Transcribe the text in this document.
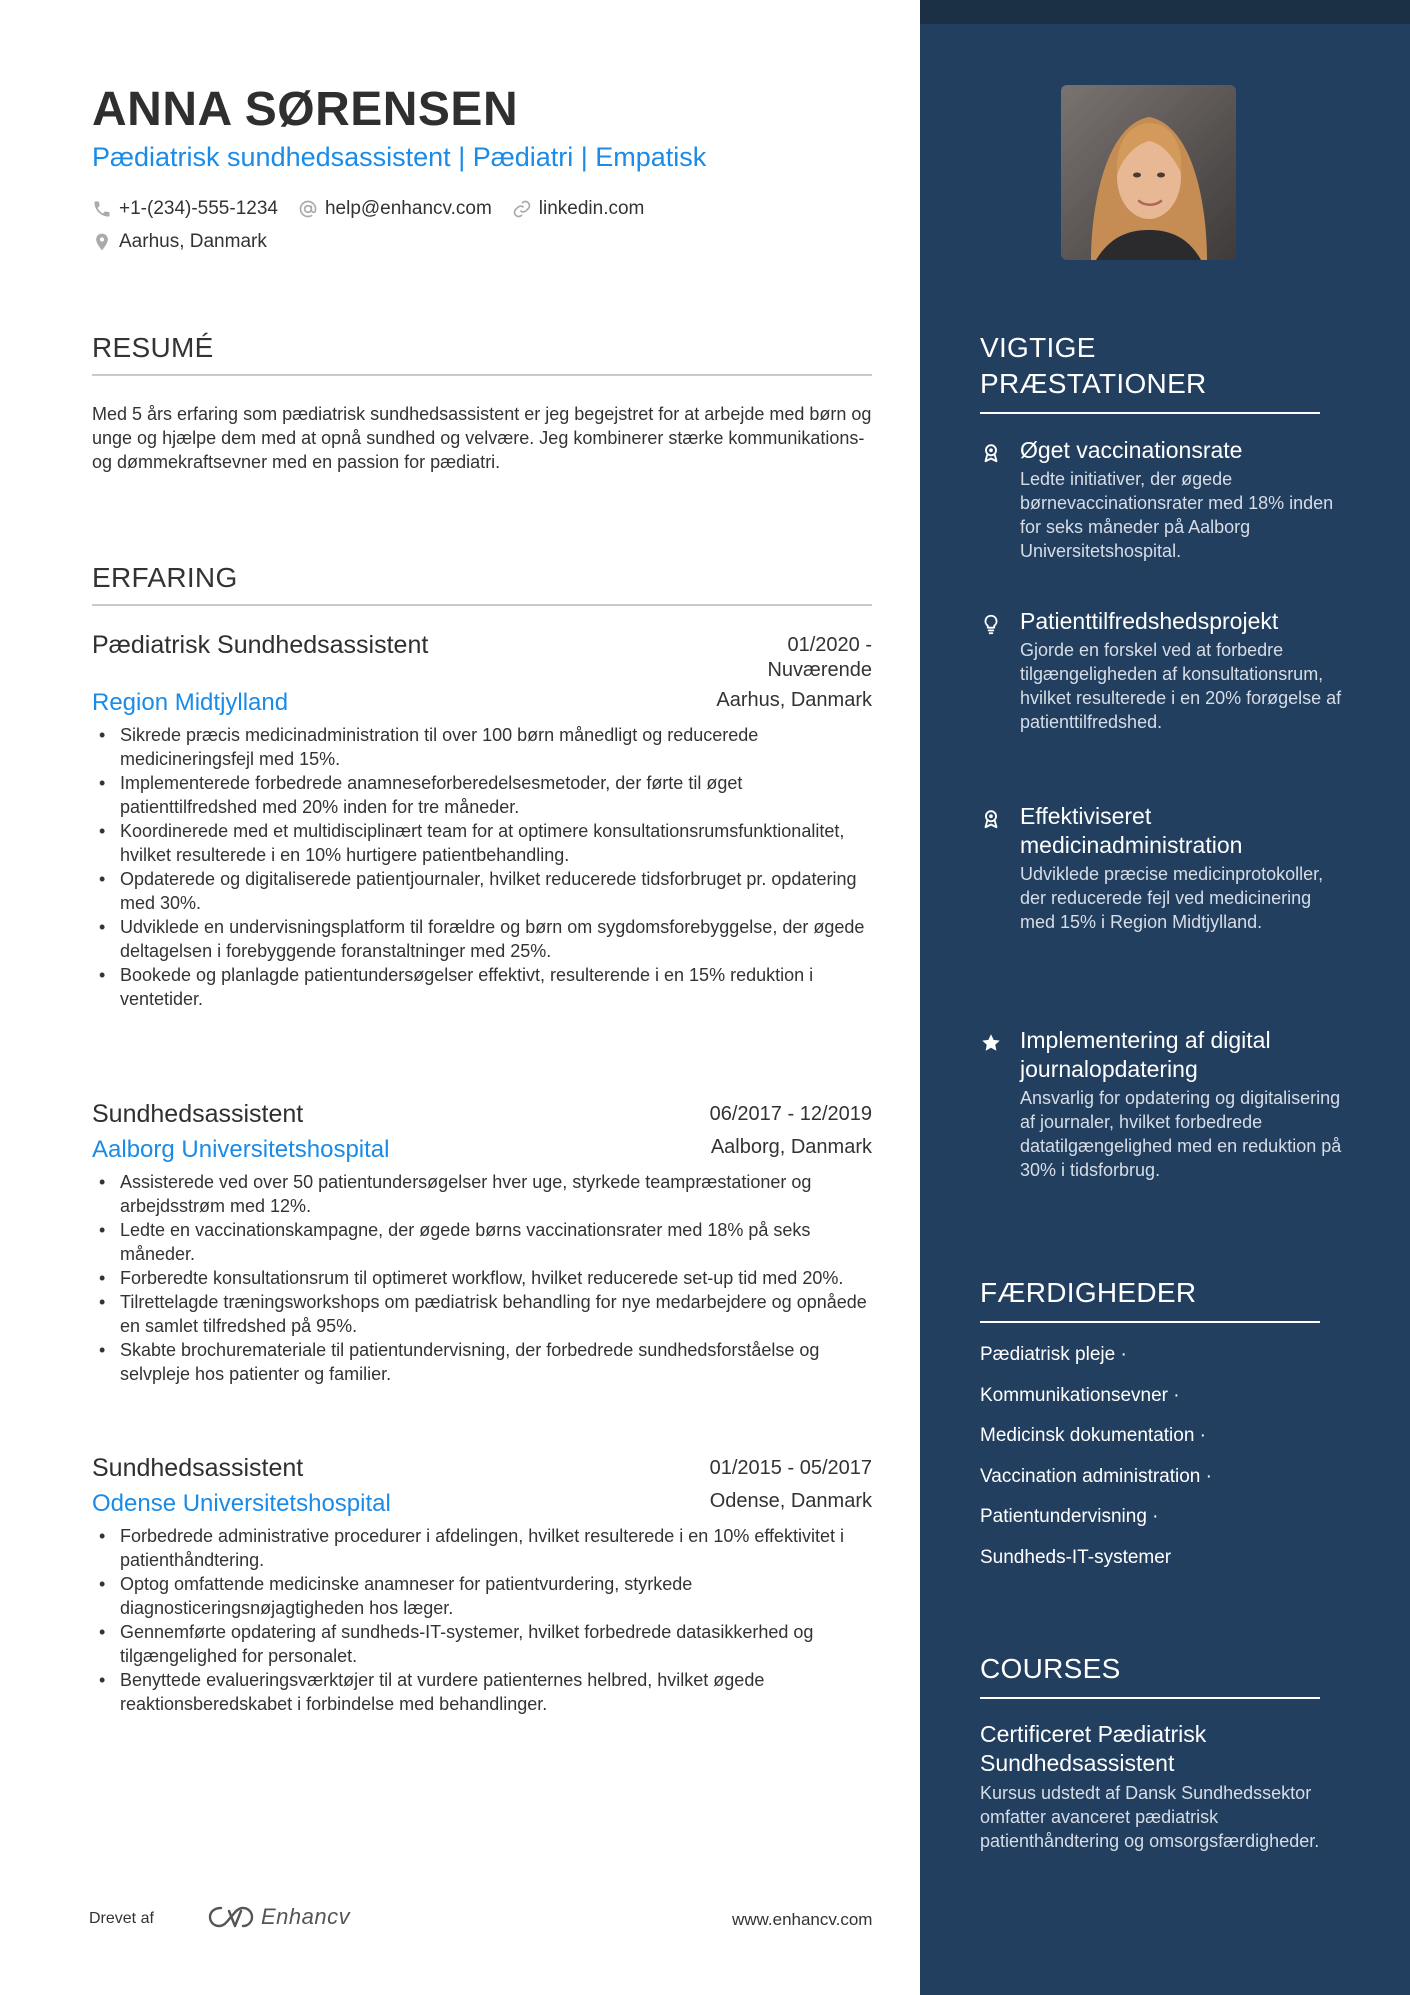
ANNA SØRENSEN
Pædiatrisk sundhedsassistent | Pædiatri | Empatisk
+1-(234)-555-1234 help@enhancv.com linkedin.com
Aarhus, Danmark
RESUMÉ
Med 5 års erfaring som pædiatrisk sundhedsassistent er jeg begejstret for at arbejde med børn og unge og hjælpe dem med at opnå sundhed og velvære. Jeg kombinerer stærke kommunikations- og dømmekraftsevner med en passion for pædiatri.
ERFARING
Pædiatrisk Sundhedsassistent	01/2020 -
Nuværende
Region Midtjylland	Aarhus, Danmark
• Sikrede præcis medicinadministration til over 100 børn månedligt og reducerede medicineringsfejl med 15%.
• Implementerede forbedrede anamneseforberedelsesmetoder, der førte til øget patienttilfredshed med 20% inden for tre måneder.
• Koordinerede med et multidisciplinært team for at optimere konsultationsrumsfunktionalitet, hvilket resulterede i en 10% hurtigere patientbehandling.
• Opdaterede og digitaliserede patientjournaler, hvilket reducerede tidsforbruget pr. opdatering med 30%.
• Udviklede en undervisningsplatform til forældre og børn om sygdomsforebyggelse, der øgede deltagelsen i forebyggende foranstaltninger med 25%.
• Bookede og planlagde patientundersøgelser effektivt, resulterende i en 15% reduktion i ventetider.
Sundhedsassistent	06/2017 - 12/2019
Aalborg Universitetshospital	Aalborg, Danmark
• Assisterede ved over 50 patientundersøgelser hver uge, styrkede teampræstationer og arbejdsstrøm med 12%.
• Ledte en vaccinationskampagne, der øgede børns vaccinationsrater med 18% på seks måneder.
• Forberedte konsultationsrum til optimeret workflow, hvilket reducerede set-up tid med 20%.
• Tilrettelagde træningsworkshops om pædiatrisk behandling for nye medarbejdere og opnåede en samlet tilfredshed på 95%.
• Skabte brochuremateriale til patientundervisning, der forbedrede sundhedsforståelse og selvpleje hos patienter og familier.
Sundhedsassistent	01/2015 - 05/2017
Odense Universitetshospital	Odense, Danmark
• Forbedrede administrative procedurer i afdelingen, hvilket resulterede i en 10% effektivitet i patienthåndtering.
• Optog omfattende medicinske anamneser for patientvurdering, styrkede diagnosticeringsnøjagtigheden hos læger.
• Gennemførte opdatering af sundheds-IT-systemer, hvilket forbedrede datasikkerhed og tilgængelighed for personalet.
• Benyttede evalueringsværktøjer til at vurdere patienternes helbred, hvilket øgede reaktionsberedskabet i forbindelse med behandlinger.
Drevet af	Enhancv	www.enhancv.com
VIGTIGE
PRÆSTATIONER
Øget vaccinationsrate
Ledte initiativer, der øgede børnevaccinationsrater med 18% inden for seks måneder på Aalborg Universitetshospital.
Patienttilfredshedsprojekt
Gjorde en forskel ved at forbedre tilgængeligheden af konsultationsrum, hvilket resulterede i en 20% forøgelse af patienttilfredshed.
Effektiviseret medicinadministration
Udviklede præcise medicinprotokoller, der reducerede fejl ved medicinering med 15% i Region Midtjylland.
Implementering af digital journalopdatering
Ansvarlig for opdatering og digitalisering af journaler, hvilket forbedrede datatilgængelighed med en reduktion på 30% i tidsforbrug.
FÆRDIGHEDER
Pædiatrisk pleje ·
Kommunikationsevner ·
Medicinsk dokumentation ·
Vaccination administration ·
Patientundervisning ·
Sundheds-IT-systemer
COURSES
Certificeret Pædiatrisk Sundhedsassistent
Kursus udstedt af Dansk Sundhedssektor omfatter avanceret pædiatrisk patienthåndtering og omsorgsfærdigheder.
